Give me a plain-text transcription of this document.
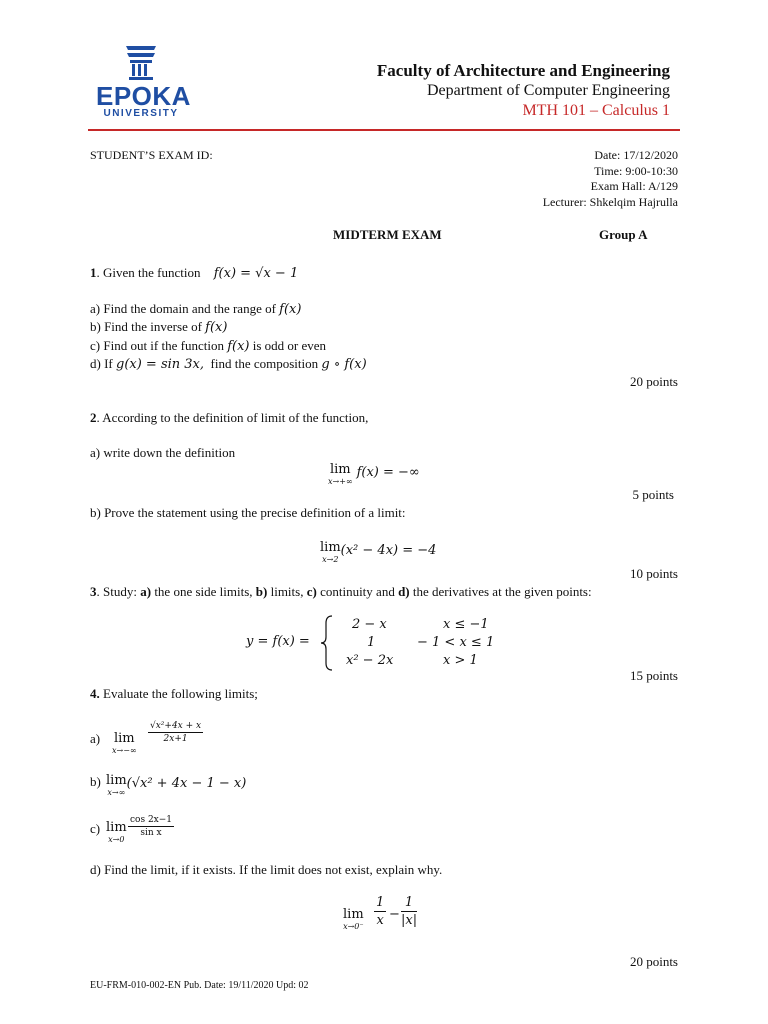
EPOKA
UNIVERSITY
Faculty of Architecture and Engineering
Department of Computer Engineering
MTH 101 – Calculus 1
STUDENT’S EXAM ID:	Date: 17/12/2020
Time: 9:00-10:30
Exam Hall: A/129
Lecturer: Shkelqim Hajrulla
MIDTERM EXAM	Group A
1. Given the function f(x) = √x − 1
a) Find the domain and the range of f(x)
b) Find the inverse of f(x)
c) Find out if the function f(x) is odd or even
d) If g(x) = sin 3x, find the composition g ∘ f(x)
20 points
2. According to the definition of limit of the function,
a) write down the definition
lim
x→+∞
f(x) = −∞
5 points
b) Prove the statement using the precise definition of a limit:
lim
x→2
(x² − 4x) = −4
10 points
3. Study: a) the one side limits, b) limits, c) continuity and d) the derivatives at the given points:
y = f(x) =
2 − x	x ≤ −1
1	− 1 < x ≤ 1
x² − 2x	x > 1
15 points
4. Evaluate the following limits;
a) lim
x→−∞
$\frac{\text{√x²+4x + x}}{2x+1}$
b) lim
x→∞
(√x² + 4x − 1 − x)
c) lim
x→0
$\frac{\cos 2x-1}{\text{sin x}}$
d) Find the limit, if it exists. If the limit does not exist, explain why.
lim
$x\to 0^- \frac{1}{x} - \frac{1}{|x|}$
20 points
EU-FRM-010-002-EN Pub. Date: 19/11/2020 Upd: 02
